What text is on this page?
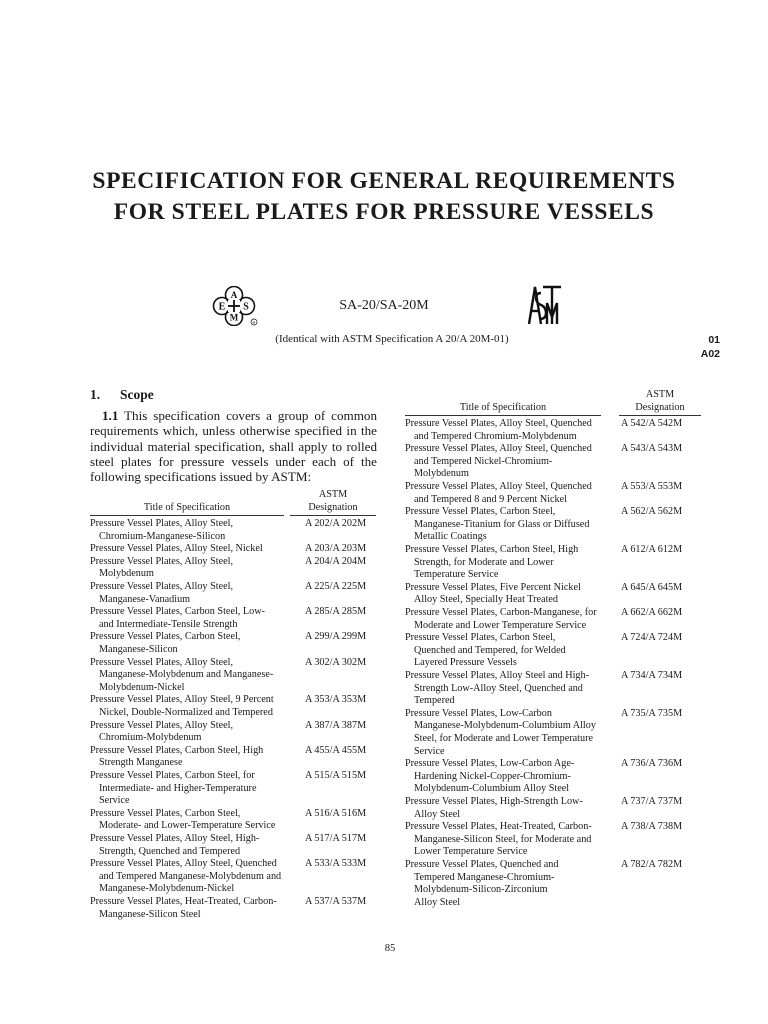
SPECIFICATION FOR GENERAL REQUIREMENTS
FOR STEEL PLATES FOR PRESSURE VESSELS
A
E S
M	R
SA-20/SA-20M
(Identical with ASTM Specification A 20/A 20M-01)	01
A02
1. Scope
1.1 This specification covers a group of common requirements which, unless otherwise specified in the individual material specification, shall apply to rolled steel plates for pressure vessels under each of the following specifications issued by ASTM:
Title of Specification
ASTM
Designation
Pressure Vessel Plates, Alloy Steel,
Chromium-Manganese-Silicon
A 202/A 202M
Pressure Vessel Plates, Alloy Steel, Nickel	A 203/A 203M
Pressure Vessel Plates, Alloy Steel,
Molybdenum
A 204/A 204M
Pressure Vessel Plates, Alloy Steel,
Manganese-Vanadium
A 225/A 225M
Pressure Vessel Plates, Carbon Steel, Low-
and Intermediate-Tensile Strength
A 285/A 285M
Pressure Vessel Plates, Carbon Steel,
Manganese-Silicon
A 299/A 299M
Pressure Vessel Plates, Alloy Steel,
Manganese-Molybdenum and Manganese-
Molybdenum-Nickel
A 302/A 302M
Pressure Vessel Plates, Alloy Steel, 9 Percent
Nickel, Double-Normalized and Tempered
A 353/A 353M
Pressure Vessel Plates, Alloy Steel,
Chromium-Molybdenum
A 387/A 387M
Pressure Vessel Plates, Carbon Steel, High
Strength Manganese
A 455/A 455M
Pressure Vessel Plates, Carbon Steel, for
Intermediate- and Higher-Temperature
Service
A 515/A 515M
Pressure Vessel Plates, Carbon Steel,
Moderate- and Lower-Temperature Service
A 516/A 516M
Pressure Vessel Plates, Alloy Steel, High-
Strength, Quenched and Tempered
A 517/A 517M
Pressure Vessel Plates, Alloy Steel, Quenched
and Tempered Manganese-Molybdenum and
Manganese-Molybdenum-Nickel
A 533/A 533M
Pressure Vessel Plates, Heat-Treated, Carbon-
Manganese-Silicon Steel
A 537/A 537M
Title of Specification
ASTM
Designation
Pressure Vessel Plates, Alloy Steel, Quenched
and Tempered Chromium-Molybdenum
A 542/A 542M
Pressure Vessel Plates, Alloy Steel, Quenched
and Tempered Nickel-Chromium-
Molybdenum
A 543/A 543M
Pressure Vessel Plates, Alloy Steel, Quenched
and Tempered 8 and 9 Percent Nickel
A 553/A 553M
Pressure Vessel Plates, Carbon Steel,
Manganese-Titanium for Glass or Diffused
Metallic Coatings
A 562/A 562M
Pressure Vessel Plates, Carbon Steel, High
Strength, for Moderate and Lower
Temperature Service
A 612/A 612M
Pressure Vessel Plates, Five Percent Nickel
Alloy Steel, Specially Heat Treated
A 645/A 645M
Pressure Vessel Plates, Carbon-Manganese, for
Moderate and Lower Temperature Service
A 662/A 662M
Pressure Vessel Plates, Carbon Steel,
Quenched and Tempered, for Welded
Layered Pressure Vessels
A 724/A 724M
Pressure Vessel Plates, Alloy Steel and High-
Strength Low-Alloy Steel, Quenched and
Tempered
A 734/A 734M
Pressure Vessel Plates, Low-Carbon
Manganese-Molybdenum-Columbium Alloy
Steel, for Moderate and Lower Temperature
Service
A 735/A 735M
Pressure Vessel Plates, Low-Carbon Age-
Hardening Nickel-Copper-Chromium-
Molybdenum-Columbium Alloy Steel
A 736/A 736M
Pressure Vessel Plates, High-Strength Low-
Alloy Steel
A 737/A 737M
Pressure Vessel Plates, Heat-Treated, Carbon-
Manganese-Silicon Steel, for Moderate and
Lower Temperature Service
A 738/A 738M
Pressure Vessel Plates, Quenched and
Tempered Manganese-Chromium-
Molybdenum-Silicon-Zirconium
Alloy Steel
A 782/A 782M
85
